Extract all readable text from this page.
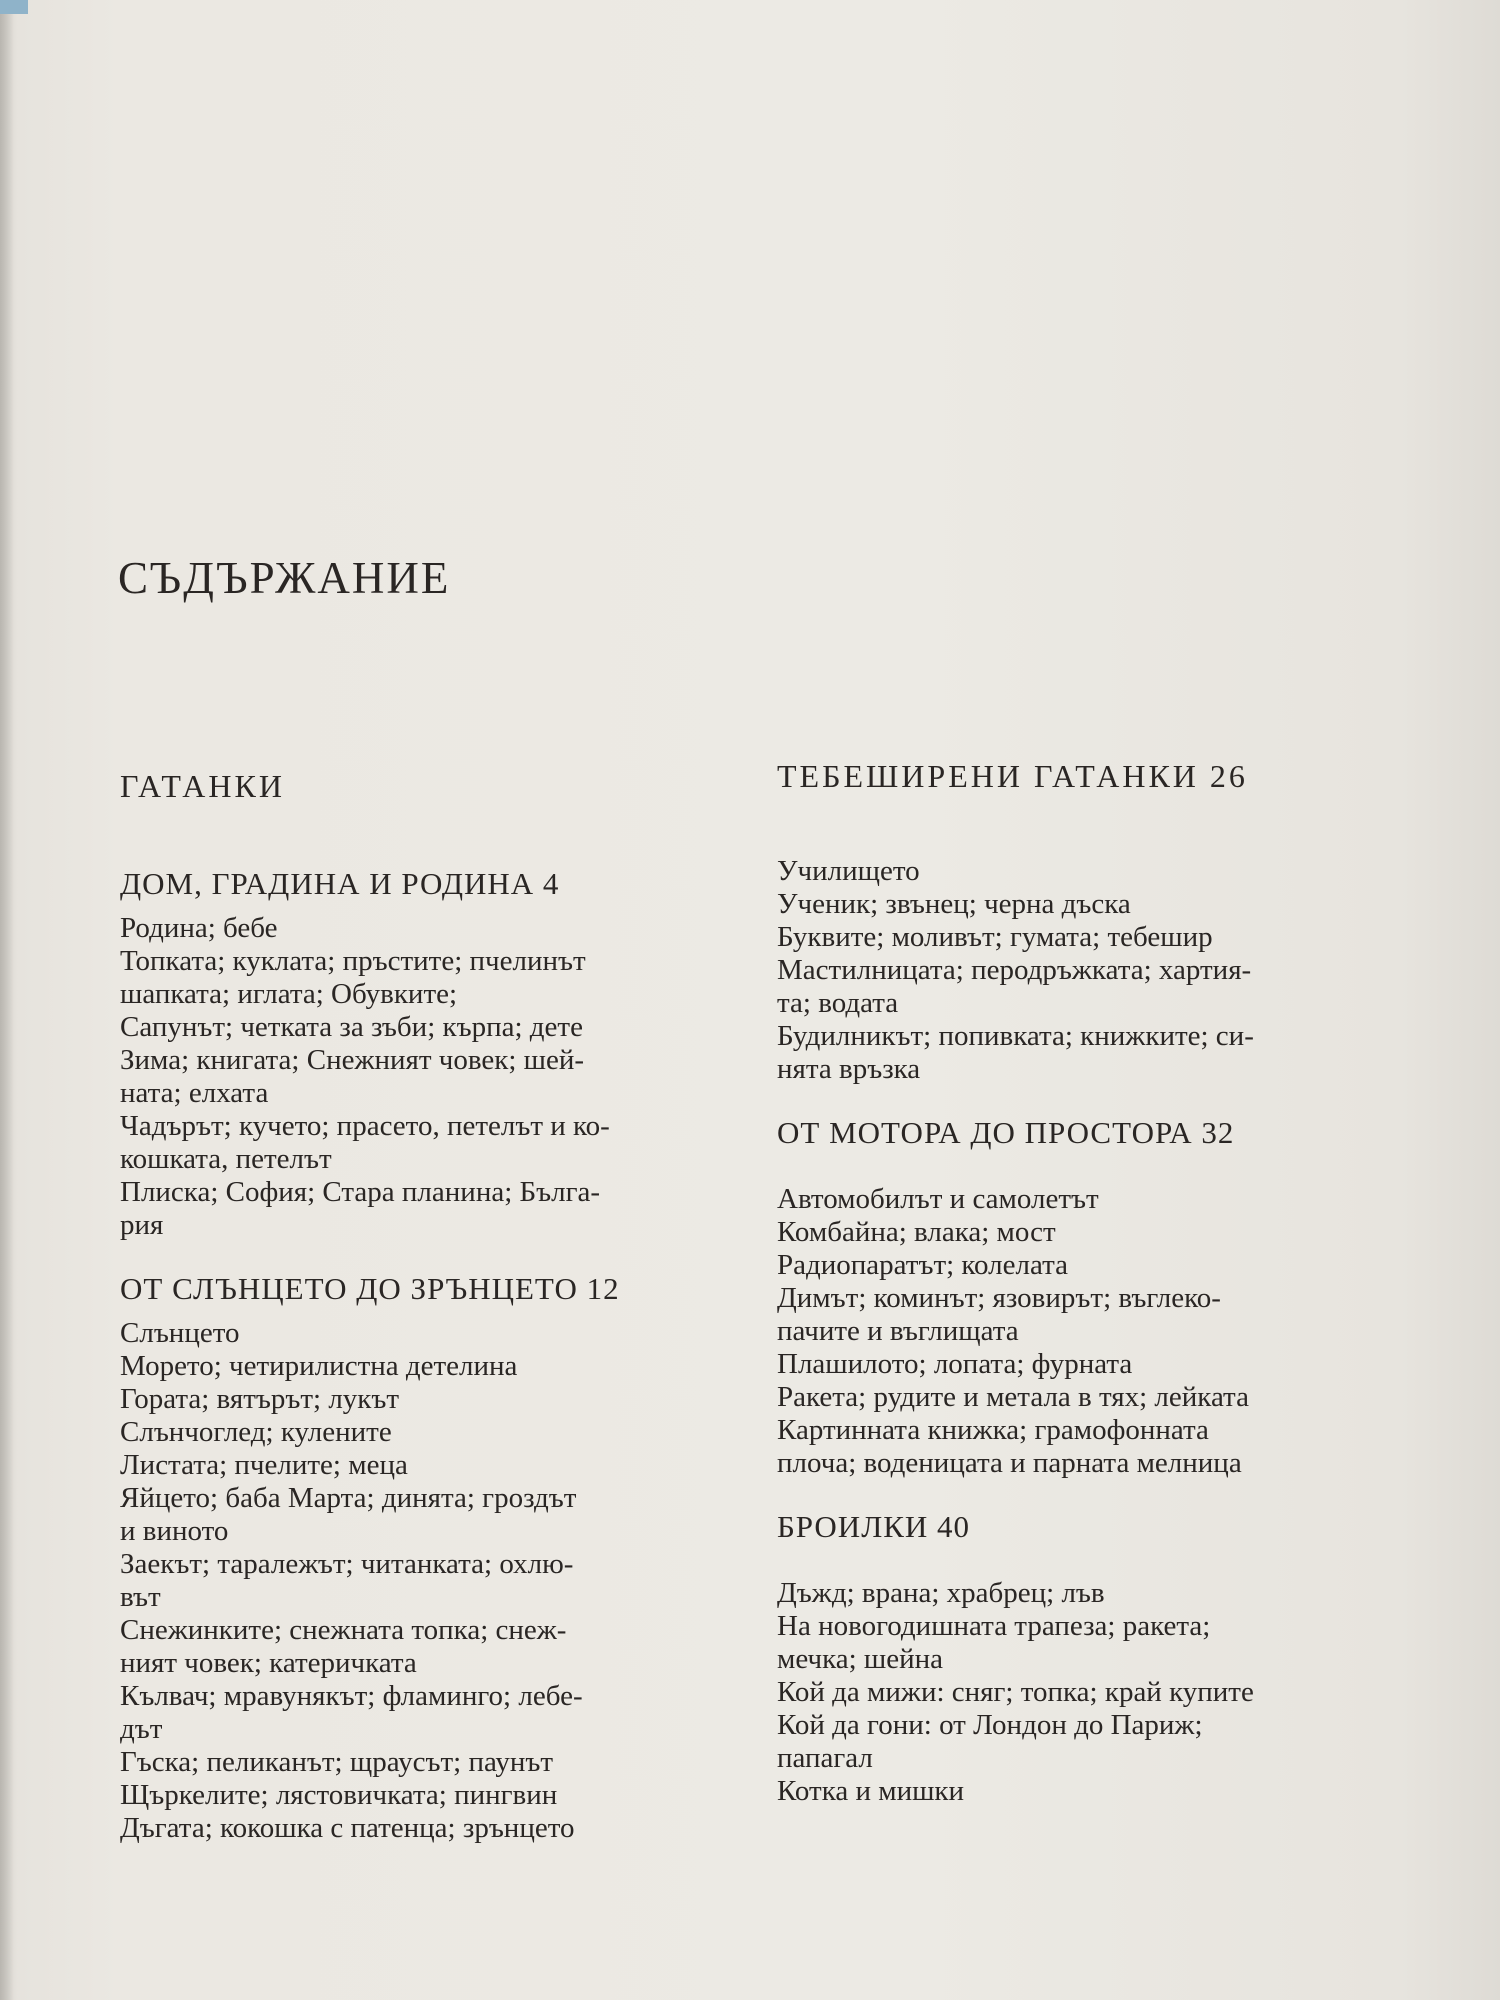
СЪДЪРЖАНИЕ
ГАТАНКИ
ДОМ, ГРАДИНА И РОДИНА 4
Родина; бебе
Топката; куклата; пръстите; пчелинът
шапката; иглата; Обувките;
Сапунът; четката за зъби; кърпа; дете
Зима; книгата; Снежният човек; шей-
ната; елхата
Чадърът; кучето; прасето, петелът и ко-
кошката, петелът
Плиска; София; Стара планина; Бълга-
рия
ОТ СЛЪНЦЕТО ДО ЗРЪНЦЕТО 12
Слънцето
Морето; четирилистна детелина
Гората; вятърът; лукът
Слънчоглед; кулените
Листата; пчелите; меца
Яйцето; баба Марта; динята; гроздът
и виното
Заекът; таралежът; читанката; охлю-
вът
Снежинките; снежната топка; снеж-
ният човек; катеричката
Кълвач; мравунякът; фламинго; лебе-
дът
Гъска; пеликанът; щраусът; паунът
Щъркелите; лястовичката; пингвин
Дъгата; кокошка с патенца; зрънцето
ТЕБЕШИРЕНИ ГАТАНКИ 26
Училището
Ученик; звънец; черна дъска
Буквите; моливът; гумата; тебешир
Мастилницата; перодръжката; хартия-
та; водата
Будилникът; попивката; книжките; си-
нята връзка
ОТ МОТОРА ДО ПРОСТОРА 32
Автомобилът и самолетът
Комбайна; влака; мост
Радиопаратът; колелата
Димът; коминът; язовирът; въглеко-
пачите и въглищата
Плашилото; лопата; фурната
Ракета; рудите и метала в тях; лейката
Картинната книжка; грамофонната
плоча; воденицата и парната мелница
БРОИЛКИ 40
Дъжд; врана; храбрец; лъв
На новогодишната трапеза; ракета;
мечка; шейна
Кой да мижи: сняг; топка; край купите
Кой да гони: от Лондон до Париж;
папагал
Котка и мишки
